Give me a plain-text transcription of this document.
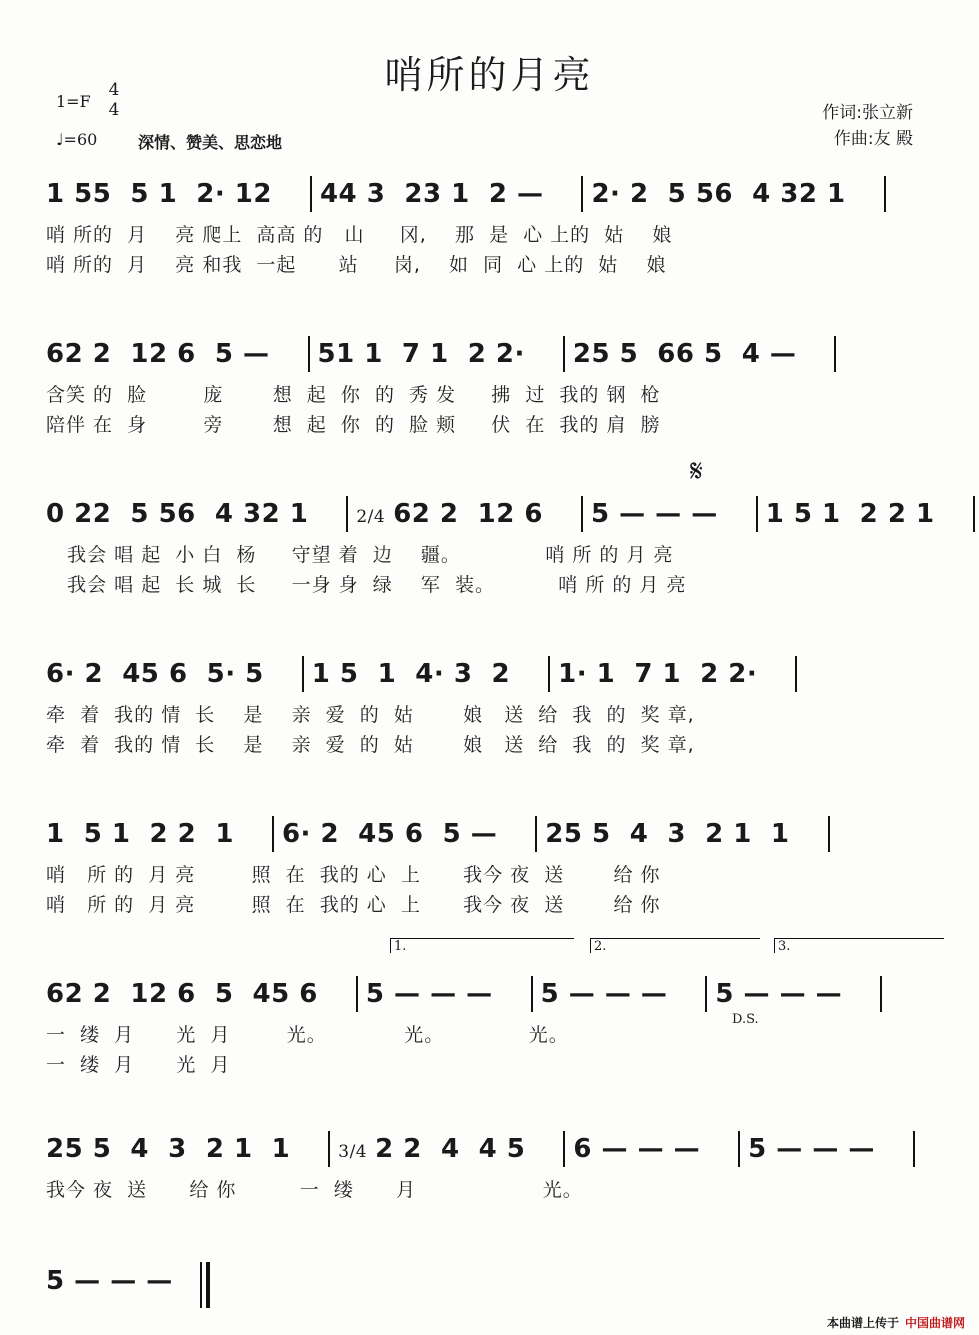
哨所的月亮
1=F
4
4
♩=60	深情、赞美、思恋地
作词:张立新
作曲:友 殿
1 55  5 1  2· 12 44 3  23 1  2 — 2· 2  5 56  4 32 1
哨 所的  月    亮 爬上  高高 的   山     冈,    那  是  心 上的  姑    娘
哨 所的  月    亮 和我  一起      站     岗,    如  同  心 上的  姑    娘
62 2  12 6  5 — 51 1  7 1  2 2· 25 5  66 5  4 —
含笑 的  脸        庞       想  起  你  的  秀 发     拂  过  我的 钢  枪
陪伴 在  身        旁       想  起  你  的  脸 颊     伏  在  我的 肩  膀
𝄋
0 22  5 56  4 32 1	2/4 62 2  12 6 5 — — — 1 5 1  2 2 1
我会 唱 起  小 白  杨     守望 着  边    疆。            哨 所 的 月 亮
我会 唱 起  长 城  长     一身 身  绿    军  装。         哨 所 的 月 亮
6· 2  45 6  5· 5 1 5  1  4· 3  2 1· 1  7 1  2 2·
牵  着  我的 情  长    是    亲  爱  的  姑       娘   送  给  我  的  奖 章,
牵  着  我的 情  长    是    亲  爱  的  姑       娘   送  给  我  的  奖 章,
1  5 1  2 2  1 6· 2  45 6  5 — 25 5  4  3  2 1  1
哨   所 的  月 亮        照  在  我的 心  上      我今 夜  送       给 你
哨   所 的  月 亮        照  在  我的 心  上      我今 夜  送       给 你
1.	2.	3.
D.S.
62 2  12 6  5  45 6 5 — — — 5 — — — 5 — — —
一  缕  月      光  月        光。           光。            光。
一  缕  月      光  月
25 5  4  3  2 1  1	3/4 2 2  4  4 5 6 — — — 5 — — —
我今 夜  送      给 你         一  缕      月                  光。
5 — — —
本曲谱上传于 中国曲谱网
